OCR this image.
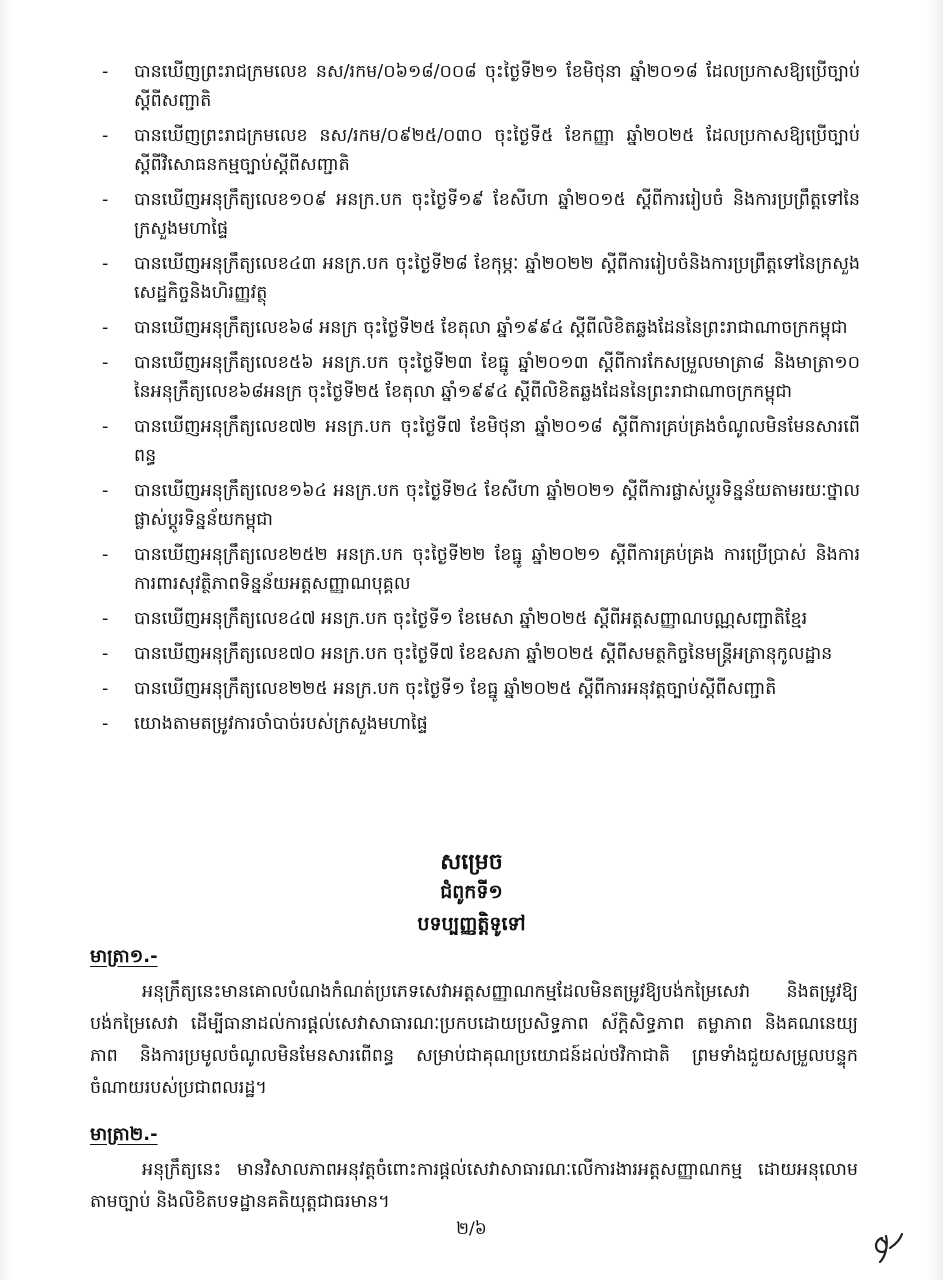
- បានឃើញព្រះរាជក្រមលេខ នស/រកម/០៦១៨/០០៨ ចុះថ្ងៃទី២១ ខែមិថុនា ឆ្នាំ២០១៨ ដែលប្រកាសឱ្យប្រើច្បាប់ស្តីពីសញ្ជាតិ
- បានឃើញព្រះរាជក្រមលេខ នស/រកម/០៩២៥/០៣០ ចុះថ្ងៃទី៥ ខែកញ្ញា ឆ្នាំ២០២៥ ដែលប្រកាសឱ្យប្រើច្បាប់ស្តីពីវិសោធនកម្មច្បាប់ស្តីពីសញ្ជាតិ
- បានឃើញអនុក្រឹត្យលេខ១០៩ អនក្រ.បក ចុះថ្ងៃទី១៩ ខែសីហា ឆ្នាំ២០១៥ ស្តីពីការរៀបចំ និងការប្រព្រឹត្តទៅនៃក្រសួងមហាផ្ទៃ
- បានឃើញអនុក្រឹត្យលេខ៤៣ អនក្រ.បក ចុះថ្ងៃទី២៨ ខែកុម្ភៈ ឆ្នាំ២០២២ ស្តីពីការរៀបចំនិងការប្រព្រឹត្តទៅនៃក្រសួងសេដ្ឋកិច្ចនិងហិរញ្ញវត្ថុ
- បានឃើញអនុក្រឹត្យលេខ៦៨ អនក្រ ចុះថ្ងៃទី២៥ ខែតុលា ឆ្នាំ១៩៩៤ ស្តីពីលិខិតឆ្លងដែននៃព្រះរាជាណាចក្រកម្ពុជា
- បានឃើញអនុក្រឹត្យលេខ៥៦ អនក្រ.បក ចុះថ្ងៃទី២៣ ខែធ្នូ ឆ្នាំ២០១៣ ស្តីពីការកែសម្រួលមាត្រា៨ និងមាត្រា១០ នៃអនុក្រឹត្យលេខ៦៨អនក្រ ចុះថ្ងៃទី២៥ ខែតុលា ឆ្នាំ១៩៩៤ ស្តីពីលិខិតឆ្លងដែននៃព្រះរាជាណាចក្រកម្ពុជា
- បានឃើញអនុក្រឹត្យលេខ៧២ អនក្រ.បក ចុះថ្ងៃទី៧ ខែមិថុនា ឆ្នាំ២០១៨ ស្តីពីការគ្រប់គ្រងចំណូលមិនមែនសារពើពន្ធ
- បានឃើញអនុក្រឹត្យលេខ១៦៤ អនក្រ.បក ចុះថ្ងៃទី២៤ ខែសីហា ឆ្នាំ២០២១ ស្តីពីការផ្លាស់ប្តូរទិន្នន័យតាមរយៈថ្នាលផ្លាស់ប្តូរទិន្នន័យកម្ពុជា
- បានឃើញអនុក្រឹត្យលេខ២៥២ អនក្រ.បក ចុះថ្ងៃទី២២ ខែធ្នូ ឆ្នាំ២០២១ ស្តីពីការគ្រប់គ្រង ការប្រើប្រាស់ និងការការពារសុវត្ថិភាពទិន្នន័យអត្តសញ្ញាណបុគ្គល
- បានឃើញអនុក្រឹត្យលេខ៤៧ អនក្រ.បក ចុះថ្ងៃទី១ ខែមេសា ឆ្នាំ២០២៥ ស្តីពីអត្តសញ្ញាណបណ្ណសញ្ជាតិខ្មែរ
- បានឃើញអនុក្រឹត្យលេខ៧០ អនក្រ.បក ចុះថ្ងៃទី៧ ខែឧសភា ឆ្នាំ២០២៥ ស្តីពីសមត្ថកិច្ចនៃមន្ត្រីអត្រានុកូលដ្ឋាន
- បានឃើញអនុក្រឹត្យលេខ២២៥ អនក្រ.បក ចុះថ្ងៃទី១ ខែធ្នូ ឆ្នាំ២០២៥ ស្តីពីការអនុវត្តច្បាប់ស្តីពីសញ្ជាតិ
- យោងតាមតម្រូវការចាំបាច់របស់ក្រសួងមហាផ្ទៃ
សម្រេច
ជំពូកទី១
បទប្បញ្ញត្តិទូទៅ
មាត្រា១.-
អនុក្រឹត្យនេះមានគោលបំណងកំណត់ប្រភេទសេវាអត្តសញ្ញាណកម្មដែលមិនតម្រូវឱ្យបង់កម្រៃសេវា និងតម្រូវឱ្យបង់កម្រៃសេវា ដើម្បីធានាដល់ការផ្តល់សេវាសាធារណៈប្រកបដោយប្រសិទ្ធភាព ស័ក្តិសិទ្ធភាព តម្លាភាព និងគណនេយ្យភាព និងការប្រមូលចំណូលមិនមែនសារពើពន្ធ សម្រាប់ជាគុណប្រយោជន៍ដល់ថវិកាជាតិ ព្រមទាំងជួយសម្រួលបន្ទុកចំណាយរបស់ប្រជាពលរដ្ឋ។
មាត្រា២.-
អនុក្រឹត្យនេះ មានវិសាលភាពអនុវត្តចំពោះការផ្តល់សេវាសាធារណៈលើការងារអត្តសញ្ញាណកម្ម ដោយអនុលោមតាមច្បាប់ និងលិខិតបទដ្ឋានគតិយុត្តជាធរមាន។
២/៦
